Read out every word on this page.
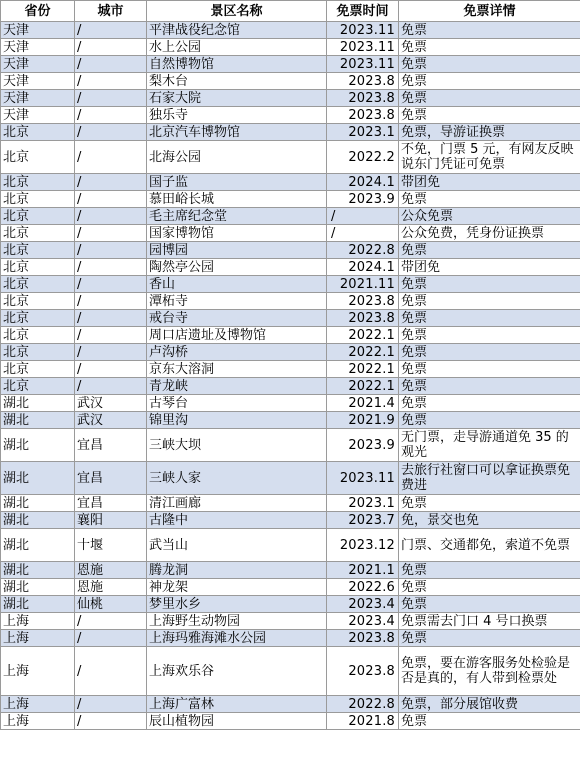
省份	城市	景区名称	免票时间	免票详情
天津	/	平津战役纪念馆	2023.11	免票
天津	/	水上公园	2023.11	免票
天津	/	自然博物馆	2023.11	免票
天津	/	梨木台	2023.8	免票
天津	/	石家大院	2023.8	免票
天津	/	独乐寺	2023.8	免票
北京	/	北京汽车博物馆	2023.1	免票，导游证换票
北京	/	北海公园	2022.2	不免，门票 5 元，有网友反映说东门凭证可免票
北京	/	国子监	2024.1	带团免
北京	/	慕田峪长城	2023.9	免票
北京	/	毛主席纪念堂	/	公众免票
北京	/	国家博物馆	/	公众免费，凭身份证换票
北京	/	园博园	2022.8	免票
北京	/	陶然亭公园	2024.1	带团免
北京	/	香山	2021.11	免票
北京	/	潭柘寺	2023.8	免票
北京	/	戒台寺	2023.8	免票
北京	/	周口店遗址及博物馆	2022.1	免票
北京	/	卢沟桥	2022.1	免票
北京	/	京东大溶洞	2022.1	免票
北京	/	青龙峡	2022.1	免票
湖北	武汉	古琴台	2021.4	免票
湖北	武汉	锦里沟	2021.9	免票
湖北	宜昌	三峡大坝	2023.9	无门票，走导游通道免 35 的观光
湖北	宜昌	三峡人家	2023.11	去旅行社窗口可以拿证换票免费进
湖北	宜昌	清江画廊	2023.1	免票
湖北	襄阳	古隆中	2023.7	免，景交也免
湖北	十堰	武当山	2023.12	门票、交通都免，索道不免票
湖北	恩施	腾龙洞	2021.1	免票
湖北	恩施	神龙架	2022.6	免票
湖北	仙桃	梦里水乡	2023.4	免票
上海	/	上海野生动物园	2023.4	免票需去门口 4 号口换票
上海	/	上海玛雅海滩水公园	2023.8	免票
上海	/	上海欢乐谷	2023.8	免票，要在游客服务处检验是否是真的，有人带到检票处
上海	/	上海广富林	2022.8	免票，部分展馆收费
上海	/	辰山植物园	2021.8	免票
